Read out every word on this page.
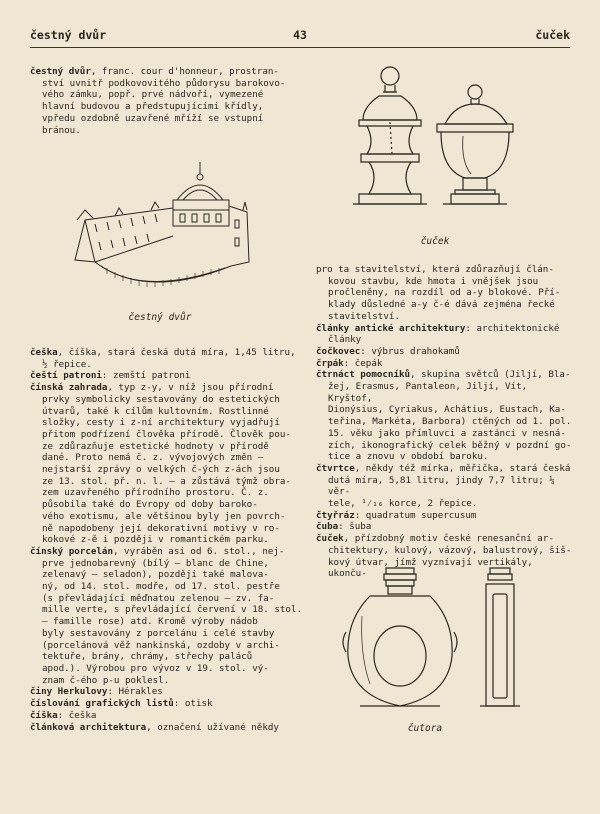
čestný dvůr	43	čuček
čestný dvůr, franc. cour d'honneur, prostran-
ství uvnitř podkovovitého půdorysu barokovo-
vého zámku, popř. prvé nádvoří, vymezené
hlavní budovou a předstupujícími křídly,
vpředu ozdobně uzavřené mříží se vstupní
bránou.
čestný dvůr
češka, číška, stará česká dutá míra, 1,45 litru,
½ řepice.
čeští patroni: zemští patroni
čínská zahrada, typ z-y, v níž jsou přírodní
prvky symbolicky sestavovány do estetických
útvarů, také k cílům kultovním. Rostlinné
složky, cesty i z-ní architektury vyjadřují
přitom podřízení člověka přírodě. Člověk pou-
ze zdůrazňuje estetické hodnoty v přírodě
dané. Proto nemá č. z. vývojových změn —
nejstarší zprávy o velkých č-ých z-ách jsou
ze 13. stol. př. n. l. — a zůstává týmž obra-
zem uzavřeného přírodního prostoru. Č. z.
působila také do Evropy od doby baroko-
vého exotismu, ale většinou byly jen povrch-
ně napodobeny její dekorativní motivy v ro-
kokové z-ě i později v romantickém parku.
čínský porcelán, vyráběn asi od 6. stol., nej-
prve jednobarevný (bílý — blanc de Chine,
zelenavý — seladon), později také malova-
ný, od 14. stol. modře, od 17. stol. pestře
(s převládající měďnatou zelenou — zv. fa-
mille verte, s převládající červení v 18. stol.
— famille rose) atd. Kromě výroby nádob
byly sestavovány z porcelánu i celé stavby
(porcelánová věž nankinská, ozdoby v archi-
tektuře, brány, chrámy, střechy paláců
apod.). Výrobou pro vývoz v 19. stol. vý-
znam č-ého p-u poklesl.
činy Herkulovy: Hérakles
číslování grafických listů: otisk
číška: češka
článková architektura, označení užívané někdy
čuček
pro ta stavitelství, která zdůrazňují člán-
kovou stavbu, kde hmota i vnějšek jsou
pročleněny, na rozdíl od a-y blokové. Pří-
klady důsledné a-y č-é dává zejména řecké
stavitelství.
články antické architektury: architektonické
články
čočkovec: výbrus drahokamů
črpák: čepák
čtrnáct pomocníků, skupina světců (Jiljí, Bla-
žej, Erasmus, Pantaleon, Jiljí, Vít, Kryštof,
Dionýsius, Cyriakus, Achátius, Eustach, Ka-
teřina, Markéta, Barbora) ctěných od 1. pol.
15. věku jako přímluvci a zastánci v nesná-
zích, ikonografický celek běžný v pozdní go-
tice a znovu v období baroku.
čtvrtce, někdy též mírka, měřička, stará česká
dutá míra, 5,81 litru, jindy 7,7 litru; ¼ věr-
tele, ¹⁄₁₆ korce, 2 řepice.
čtyřráz: quadratum supercusum
čuba: šuba
čuček, přízdobný motiv české renesanční ar-
chitektury, kulový, vázový, balustrový, šiš-
kový útvar, jímž vyznívají vertikály, ukonču-
čutora
